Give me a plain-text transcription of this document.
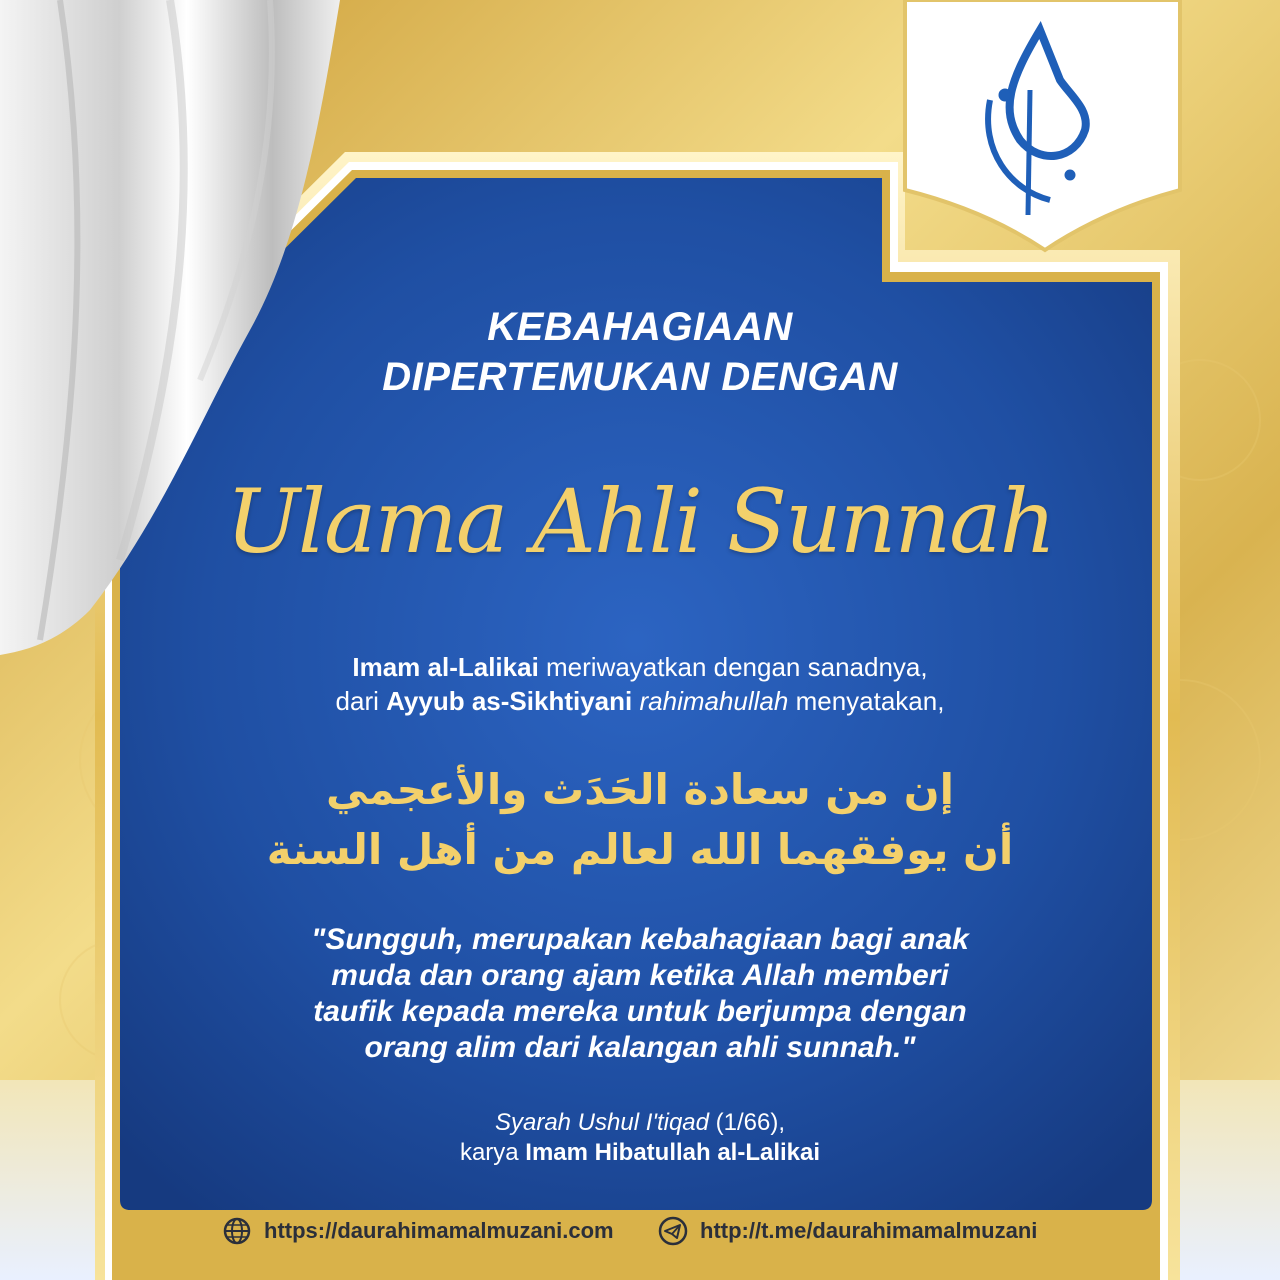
KEBAHAGIAAN
DIPERTEMUKAN DENGAN
Ulama Ahli Sunnah
Imam al-Lalikai meriwayatkan dengan sanadnya,
dari Ayyub as-Sikhtiyani rahimahullah menyatakan,
إن من سعادة الحَدَث والأعجمي
أن يوفقهما الله لعالم من أهل السنة
"Sungguh, merupakan kebahagiaan bagi anak
muda dan orang ajam ketika Allah memberi
taufik kepada mereka untuk berjumpa dengan
orang alim dari kalangan ahli sunnah."
Syarah Ushul I'tiqad (1/66),
karya Imam Hibatullah al-Lalikai
https://daurahimamalmuzani.com	http://t.me/daurahimamalmuzani
